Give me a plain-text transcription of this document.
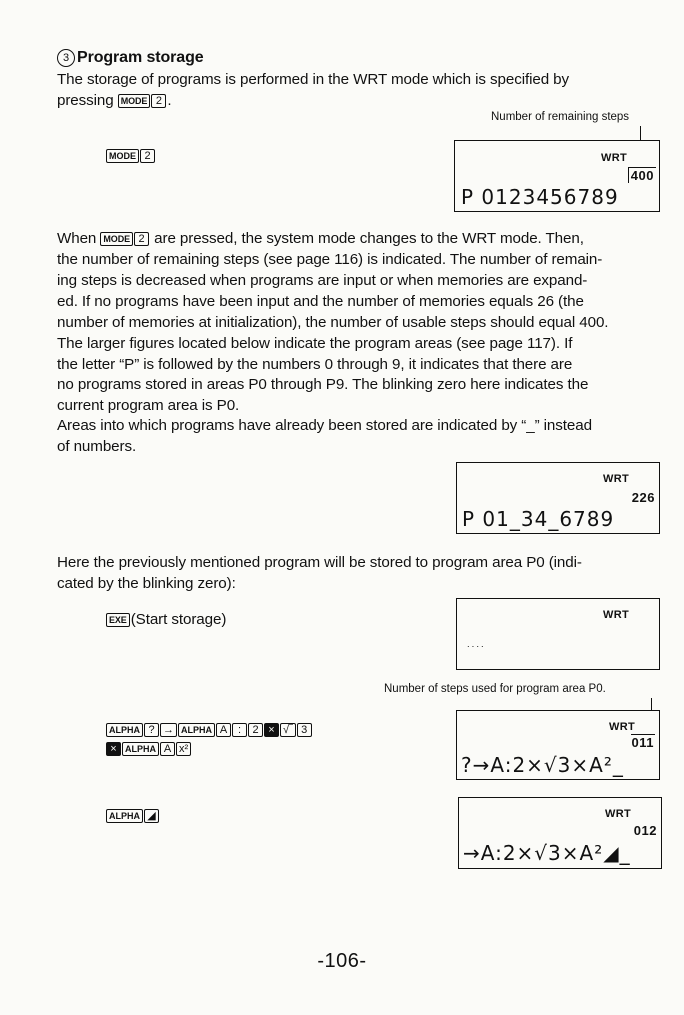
3 Program storage
The storage of programs is performed in the WRT mode which is specified by
pressing MODE 2 .
Number of remaining steps
MODE 2	WRT
400
P 0123456789
When MODE 2 are pressed, the system mode changes to the WRT mode. Then,
the number of remaining steps (see page 116) is indicated. The number of remain-
ing steps is decreased when programs are input or when memories are expand-
ed. If no programs have been input and the number of memories equals 26 (the
number of memories at initialization), the number of usable steps should equal 400.
The larger figures located below indicate the program areas (see page 117). If
the letter “P” is followed by the numbers 0 through 9, it indicates that there are
no programs stored in areas P0 through P9. The blinking zero here indicates the
current program area is P0.
Areas into which programs have already been stored are indicated by “_” instead
of numbers.
WRT
226
P 01_34_6789
Here the previously mentioned program will be stored to program area P0 (indi-
cated by the blinking zero):
EXE (Start storage)	WRT
˙˙˙˙
Number of steps used for program area P0.
ALPHA ? → ALPHA A : 2 × √‾ 3
× ALPHA A x²
WRT
011
?→A:2×√3×A²_
ALPHA ◢	WRT
012
→A:2×√3×A²◢_
-106-
